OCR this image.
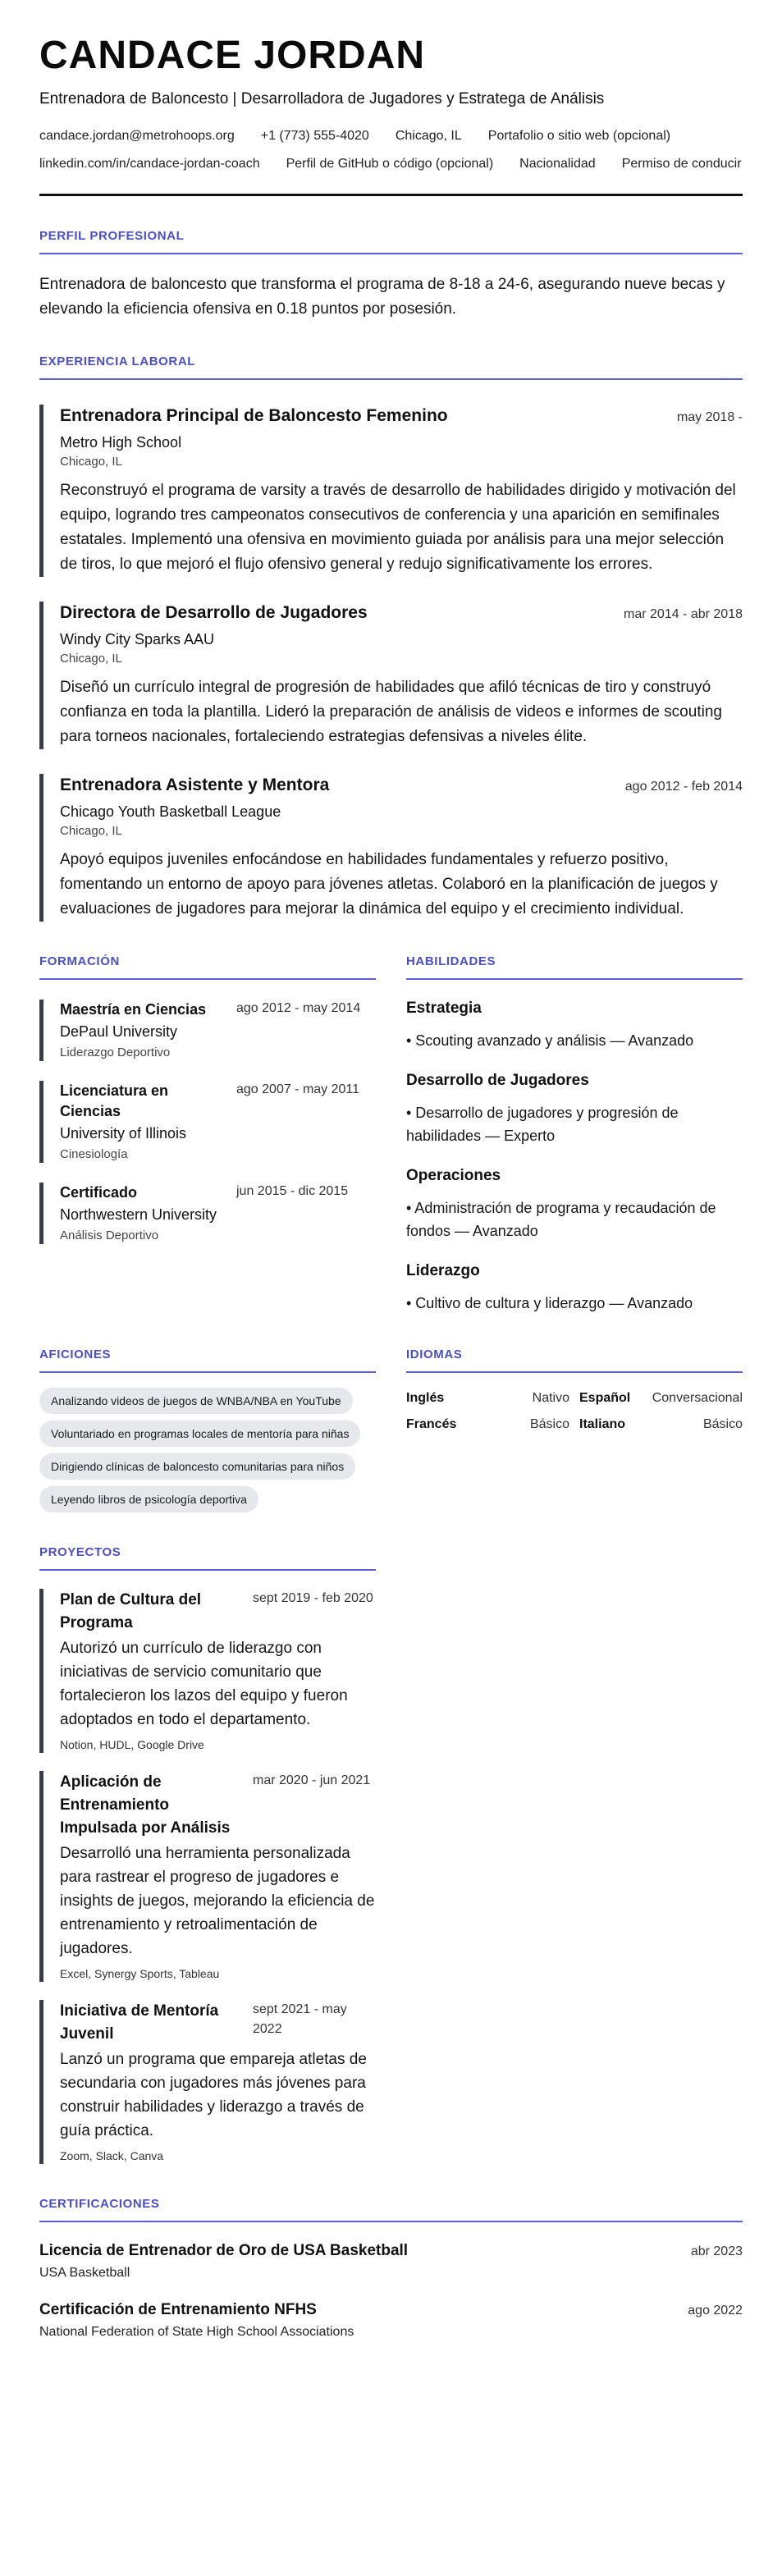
CANDACE JORDAN
Entrenadora de Baloncesto | Desarrolladora de Jugadores y Estratega de Análisis
candace.jordan@metrohoops.org +1 (773) 555-4020 Chicago, IL Portafolio o sitio web (opcional)
linkedin.com/in/candace-jordan-coach Perfil de GitHub o código (opcional) Nacionalidad Permiso de conducir
PERFIL PROFESIONAL

Entrenadora de baloncesto que transforma el programa de 8-18 a 24-6, asegurando nueve becas y elevando la eficiencia ofensiva en 0.18 puntos por posesión.

EXPERIENCIA LABORAL
Entrenadora Principal de Baloncesto Femenino	may 2018 -
Metro High School
Chicago, IL

Reconstruyó el programa de varsity a través de desarrollo de habilidades dirigido y motivación del equipo, logrando tres campeonatos consecutivos de conferencia y una aparición en semifinales estatales. Implementó una ofensiva en movimiento guiada por análisis para una mejor selección de tiros, lo que mejoró el flujo ofensivo general y redujo significativamente los errores.

Directora de Desarrollo de Jugadores	mar 2014 - abr 2018
Windy City Sparks AAU
Chicago, IL

Diseñó un currículo integral de progresión de habilidades que afiló técnicas de tiro y construyó confianza en toda la plantilla. Lideró la preparación de análisis de videos e informes de scouting para torneos nacionales, fortaleciendo estrategias defensivas a niveles élite.

Entrenadora Asistente y Mentora	ago 2012 - feb 2014
Chicago Youth Basketball League
Chicago, IL

Apoyó equipos juveniles enfocándose en habilidades fundamentales y refuerzo positivo, fomentando un entorno de apoyo para jóvenes atletas. Colaboró en la planificación de juegos y evaluaciones de jugadores para mejorar la dinámica del equipo y el crecimiento individual.

FORMACIÓN
Maestría en Ciencias	ago 2012 - may 2014
DePaul University
Liderazgo Deportivo
Licenciatura en Ciencias
ago 2007 - may 2011
University of Illinois
Cinesiología
Certificado	jun 2015 - dic 2015
Northwestern University
Análisis Deportivo
HABILIDADES
Estrategia
• Scouting avanzado y análisis — Avanzado
Desarrollo de Jugadores
• Desarrollo de jugadores y progresión de habilidades — Experto
Operaciones
• Administración de programa y recaudación de fondos — Avanzado
Liderazgo
• Cultivo de cultura y liderazgo — Avanzado
AFICIONES
Analizando videos de juegos de WNBA/NBA en YouTube
Voluntariado en programas locales de mentoría para niñas
Dirigiendo clínicas de baloncesto comunitarias para niños
Leyendo libros de psicología deportiva
IDIOMAS
Inglés	Nativo Español Conversacional
Francés	Básico Italiano	Básico
PROYECTOS
Plan de Cultura del Programa
sept 2019 - feb 2020

Autorizó un currículo de liderazgo con iniciativas de servicio comunitario que fortalecieron los lazos del equipo y fueron adoptados en todo el departamento.

Notion, HUDL, Google Drive
Aplicación de Entrenamiento Impulsada por Análisis
mar 2020 - jun 2021

Desarrolló una herramienta personalizada para rastrear el progreso de jugadores e insights de juegos, mejorando la eficiencia de entrenamiento y retroalimentación de jugadores.

Excel, Synergy Sports, Tableau
Iniciativa de Mentoría Juvenil
sept 2021 - may 2022

Lanzó un programa que empareja atletas de secundaria con jugadores más jóvenes para construir habilidades y liderazgo a través de guía práctica.

Zoom, Slack, Canva
CERTIFICACIONES
Licencia de Entrenador de Oro de USA Basketball	abr 2023
USA Basketball
Certificación de Entrenamiento NFHS	ago 2022
National Federation of State High School Associations
